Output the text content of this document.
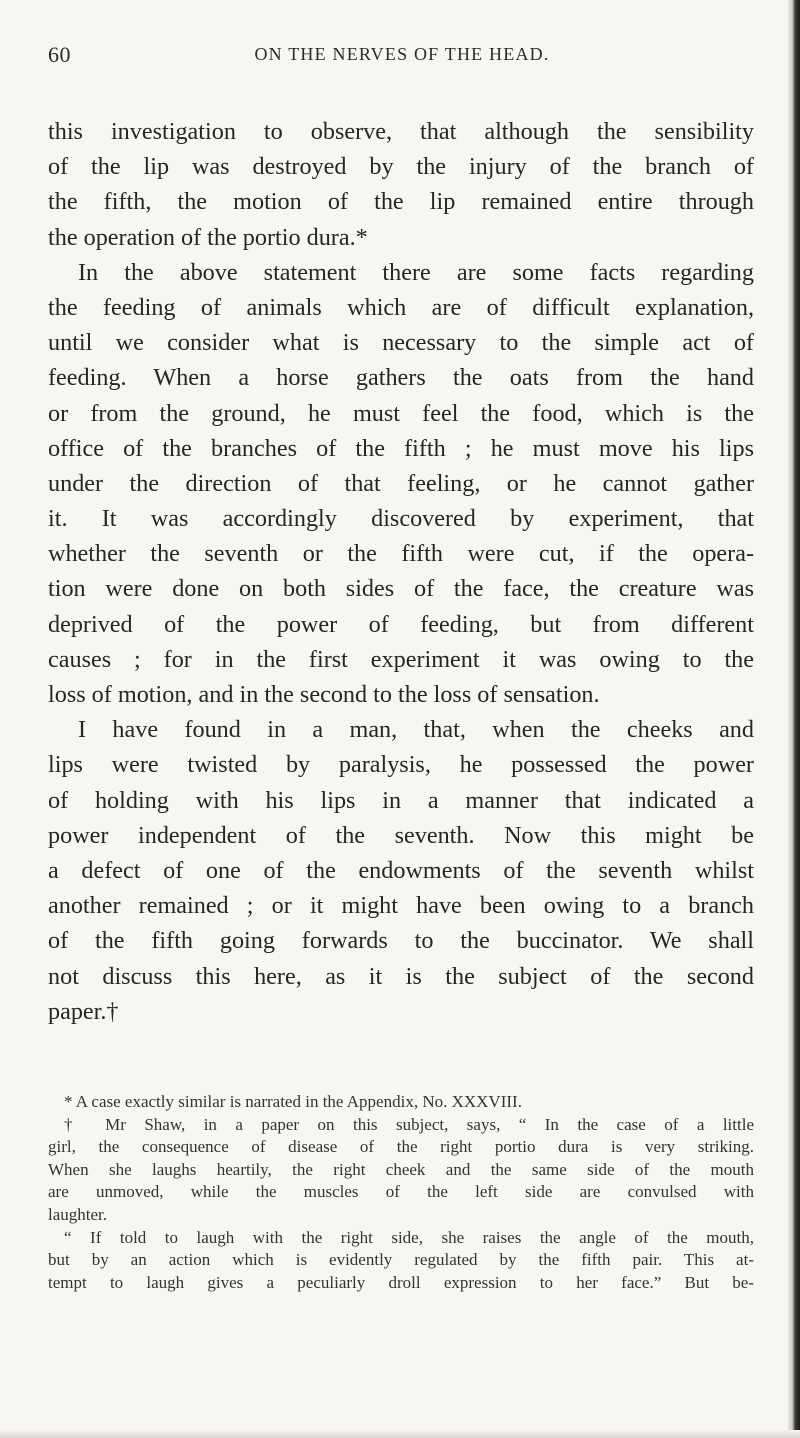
60	ON THE NERVES OF THE HEAD.
this investigation to observe, that although the sensibility
of the lip was destroyed by the injury of the branch of
the fifth, the motion of the lip remained entire through
the operation of the portio dura.*
In the above statement there are some facts regarding
the feeding of animals which are of difficult explanation,
until we consider what is necessary to the simple act of
feeding. When a horse gathers the oats from the hand
or from the ground, he must feel the food, which is the
office of the branches of the fifth ; he must move his lips
under the direction of that feeling, or he cannot gather
it. It was accordingly discovered by experiment, that
whether the seventh or the fifth were cut, if the opera-
tion were done on both sides of the face, the creature was
deprived of the power of feeding, but from different
causes ; for in the first experiment it was owing to the
loss of motion, and in the second to the loss of sensation.
I have found in a man, that, when the cheeks and
lips were twisted by paralysis, he possessed the power
of holding with his lips in a manner that indicated a
power independent of the seventh. Now this might be
a defect of one of the endowments of the seventh whilst
another remained ; or it might have been owing to a branch
of the fifth going forwards to the buccinator. We shall
not discuss this here, as it is the subject of the second
paper.†
* A case exactly similar is narrated in the Appendix, No. XXXVIII.
† Mr Shaw, in a paper on this subject, says, “ In the case of a little
girl, the consequence of disease of the right portio dura is very striking.
When she laughs heartily, the right cheek and the same side of the mouth
are unmoved, while the muscles of the left side are convulsed with
laughter.
“ If told to laugh with the right side, she raises the angle of the mouth,
but by an action which is evidently regulated by the fifth pair. This at-
tempt to laugh gives a peculiarly droll expression to her face.” But be-
